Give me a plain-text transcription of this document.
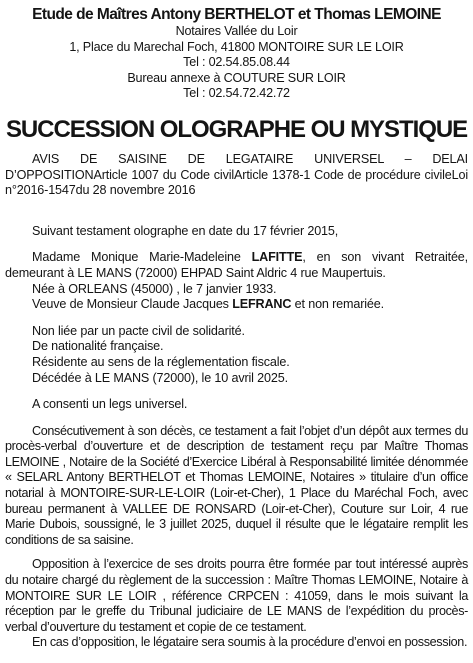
Etude de Maîtres Antony BERTHELOT et Thomas LEMOINE

Notaires Vallée du Loir

1, Place du Marechal Foch, 41800 MONTOIRE SUR LE LOIR

Tel : 02.54.85.08.44

Bureau annexe à COUTURE SUR LOIR

Tel : 02.54.72.42.72

SUCCESSION OLOGRAPHE OU MYSTIQUE

AVIS DE SAISINE DE LEGATAIRE UNIVERSEL – DELAI D’OPPOSITIONArticle 1007 du Code civilArticle 1378-1 Code de procédure civileLoi n°2016-1547du 28 novembre 2016

Suivant testament olographe en date du 17 février 2015,

Madame Monique Marie-Madeleine LAFITTE, en son vivant Retraitée, demeurant à LE MANS (72000) EHPAD Saint Aldric 4 rue Maupertuis.

Née à ORLEANS (45000) , le 7 janvier 1933.

Veuve de Monsieur Claude Jacques LEFRANC et non remariée.

Non liée par un pacte civil de solidarité.

De nationalité française.

Résidente au sens de la réglementation fiscale.

Décédée à LE MANS (72000), le 10 avril 2025.

A consenti un legs universel.

Consécutivement à son décès, ce testament a fait l’objet d’un dépôt aux termes du procès-verbal d’ouverture et de description de testament reçu par Maître Thomas LEMOINE , Notaire de la Société d’Exercice Libéral à Responsabilité limitée dénommée « SELARL Antony BERTHELOT et Thomas LEMOINE, Notaires » titulaire d’un office notarial à MONTOIRE-SUR-LE-LOIR (Loir-et-Cher), 1 Place du Maréchal Foch, avec bureau permanent à VALLEE DE RONSARD (Loir-et-Cher), Couture sur Loir, 4 rue Marie Dubois, soussigné, le 3 juillet 2025, duquel il résulte que le légataire remplit les conditions de sa saisine.

Opposition à l’exercice de ses droits pourra être formée par tout intéressé auprès du notaire chargé du règlement de la succession : Maître Thomas LEMOINE, Notaire à MONTOIRE SUR LE LOIR , référence CRPCEN : 41059, dans le mois suivant la réception par le greffe du Tribunal judiciaire de LE MANS de l’expédition du procès-verbal d’ouverture du testament et copie de ce testament.

En cas d’opposition, le légataire sera soumis à la procédure d’envoi en possession.
